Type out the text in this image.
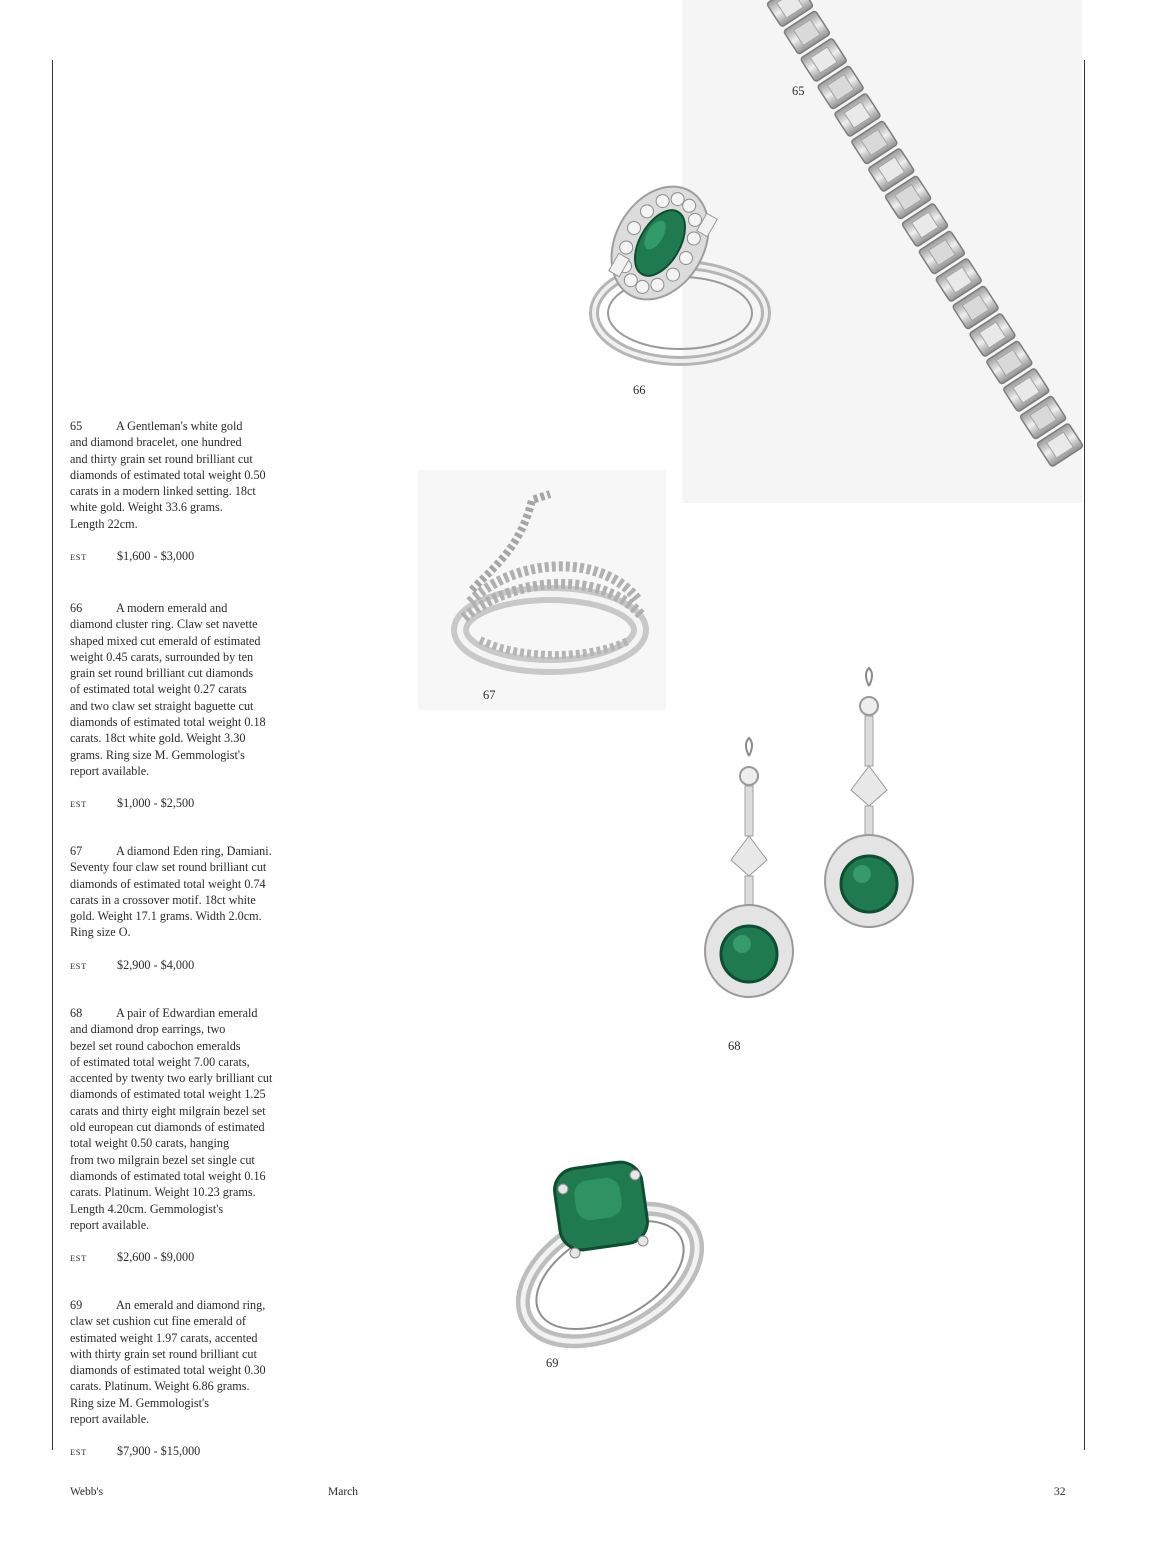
65	A Gentleman's white gold
and diamond bracelet, one hundred
and thirty grain set round brilliant cut
diamonds of estimated total weight 0.50
carats in a modern linked setting. 18ct
white gold. Weight 33.6 grams.
Length 22cm.

EST $1,600 - $3,000

66	A modern emerald and
diamond cluster ring. Claw set navette
shaped mixed cut emerald of estimated
weight 0.45 carats, surrounded by ten
grain set round brilliant cut diamonds
of estimated total weight 0.27 carats
and two claw set straight baguette cut
diamonds of estimated total weight 0.18
carats. 18ct white gold. Weight 3.30
grams. Ring size M. Gemmologist's
report available.

EST $1,000 - $2,500

67	A diamond Eden ring, Damiani.
Seventy four claw set round brilliant cut
diamonds of estimated total weight 0.74
carats in a crossover motif. 18ct white
gold. Weight 17.1 grams. Width 2.0cm.
Ring size O.

EST $2,900 - $4,000

68	A pair of Edwardian emerald
and diamond drop earrings, two
bezel set round cabochon emeralds
of estimated total weight 7.00 carats,
accented by twenty two early brilliant cut
diamonds of estimated total weight 1.25
carats and thirty eight milgrain bezel set
old european cut diamonds of estimated
total weight 0.50 carats, hanging
from two milgrain bezel set single cut
diamonds of estimated total weight 0.16
carats. Platinum. Weight 10.23 grams.
Length 4.20cm. Gemmologist's
report available.

EST $2,600 - $9,000

69	An emerald and diamond ring,
claw set cushion cut fine emerald of
estimated weight 1.97 carats, accented
with thirty grain set round brilliant cut
diamonds of estimated total weight 0.30
carats. Platinum. Weight 6.86 grams.
Ring size M. Gemmologist's
report available.

EST $7,900 - $15,000
65
66
67
68
69
Webb's	March	32
